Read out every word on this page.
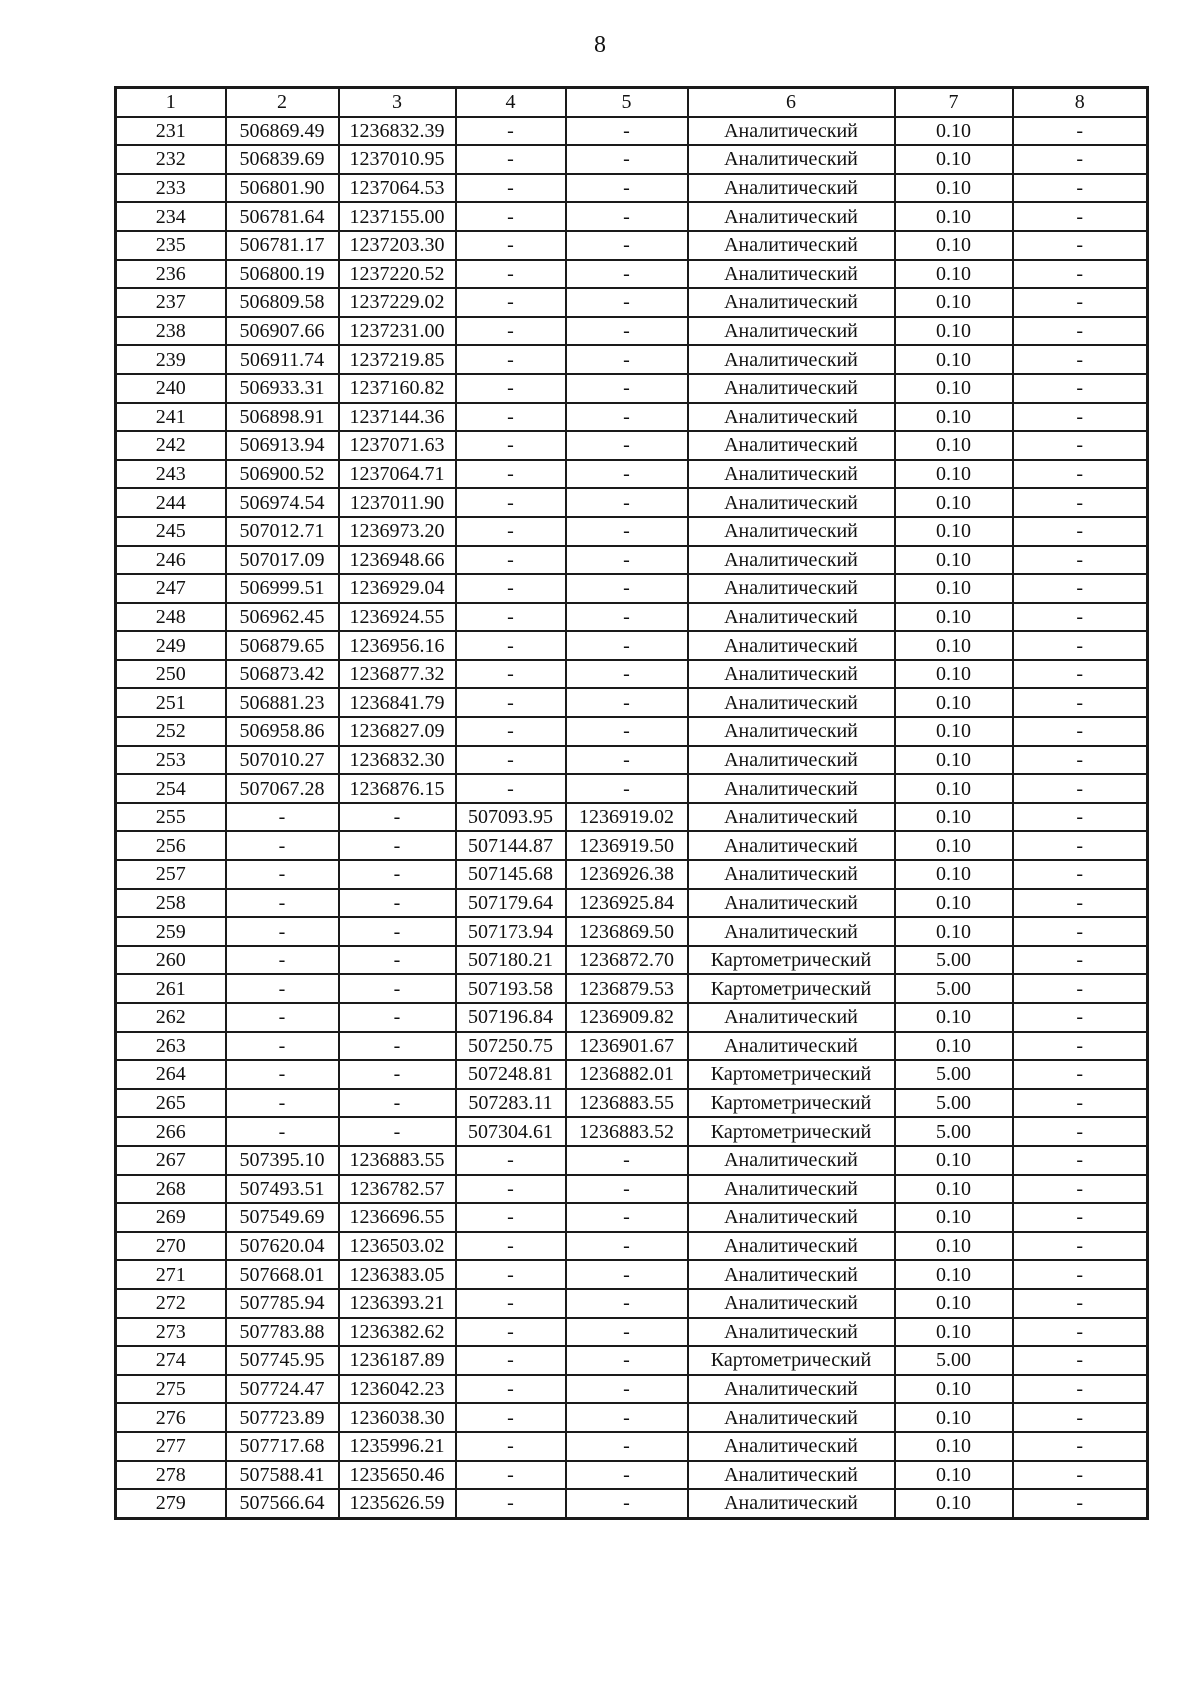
8
1	2	3	4	5	6	7	8
231	506869.49	1236832.39	-	-	Аналитический	0.10	-
232	506839.69	1237010.95	-	-	Аналитический	0.10	-
233	506801.90	1237064.53	-	-	Аналитический	0.10	-
234	506781.64	1237155.00	-	-	Аналитический	0.10	-
235	506781.17	1237203.30	-	-	Аналитический	0.10	-
236	506800.19	1237220.52	-	-	Аналитический	0.10	-
237	506809.58	1237229.02	-	-	Аналитический	0.10	-
238	506907.66	1237231.00	-	-	Аналитический	0.10	-
239	506911.74	1237219.85	-	-	Аналитический	0.10	-
240	506933.31	1237160.82	-	-	Аналитический	0.10	-
241	506898.91	1237144.36	-	-	Аналитический	0.10	-
242	506913.94	1237071.63	-	-	Аналитический	0.10	-
243	506900.52	1237064.71	-	-	Аналитический	0.10	-
244	506974.54	1237011.90	-	-	Аналитический	0.10	-
245	507012.71	1236973.20	-	-	Аналитический	0.10	-
246	507017.09	1236948.66	-	-	Аналитический	0.10	-
247	506999.51	1236929.04	-	-	Аналитический	0.10	-
248	506962.45	1236924.55	-	-	Аналитический	0.10	-
249	506879.65	1236956.16	-	-	Аналитический	0.10	-
250	506873.42	1236877.32	-	-	Аналитический	0.10	-
251	506881.23	1236841.79	-	-	Аналитический	0.10	-
252	506958.86	1236827.09	-	-	Аналитический	0.10	-
253	507010.27	1236832.30	-	-	Аналитический	0.10	-
254	507067.28	1236876.15	-	-	Аналитический	0.10	-
255	-	-	507093.95	1236919.02	Аналитический	0.10	-
256	-	-	507144.87	1236919.50	Аналитический	0.10	-
257	-	-	507145.68	1236926.38	Аналитический	0.10	-
258	-	-	507179.64	1236925.84	Аналитический	0.10	-
259	-	-	507173.94	1236869.50	Аналитический	0.10	-
260	-	-	507180.21	1236872.70	Картометрический	5.00	-
261	-	-	507193.58	1236879.53	Картометрический	5.00	-
262	-	-	507196.84	1236909.82	Аналитический	0.10	-
263	-	-	507250.75	1236901.67	Аналитический	0.10	-
264	-	-	507248.81	1236882.01	Картометрический	5.00	-
265	-	-	507283.11	1236883.55	Картометрический	5.00	-
266	-	-	507304.61	1236883.52	Картометрический	5.00	-
267	507395.10	1236883.55	-	-	Аналитический	0.10	-
268	507493.51	1236782.57	-	-	Аналитический	0.10	-
269	507549.69	1236696.55	-	-	Аналитический	0.10	-
270	507620.04	1236503.02	-	-	Аналитический	0.10	-
271	507668.01	1236383.05	-	-	Аналитический	0.10	-
272	507785.94	1236393.21	-	-	Аналитический	0.10	-
273	507783.88	1236382.62	-	-	Аналитический	0.10	-
274	507745.95	1236187.89	-	-	Картометрический	5.00	-
275	507724.47	1236042.23	-	-	Аналитический	0.10	-
276	507723.89	1236038.30	-	-	Аналитический	0.10	-
277	507717.68	1235996.21	-	-	Аналитический	0.10	-
278	507588.41	1235650.46	-	-	Аналитический	0.10	-
279	507566.64	1235626.59	-	-	Аналитический	0.10	-
